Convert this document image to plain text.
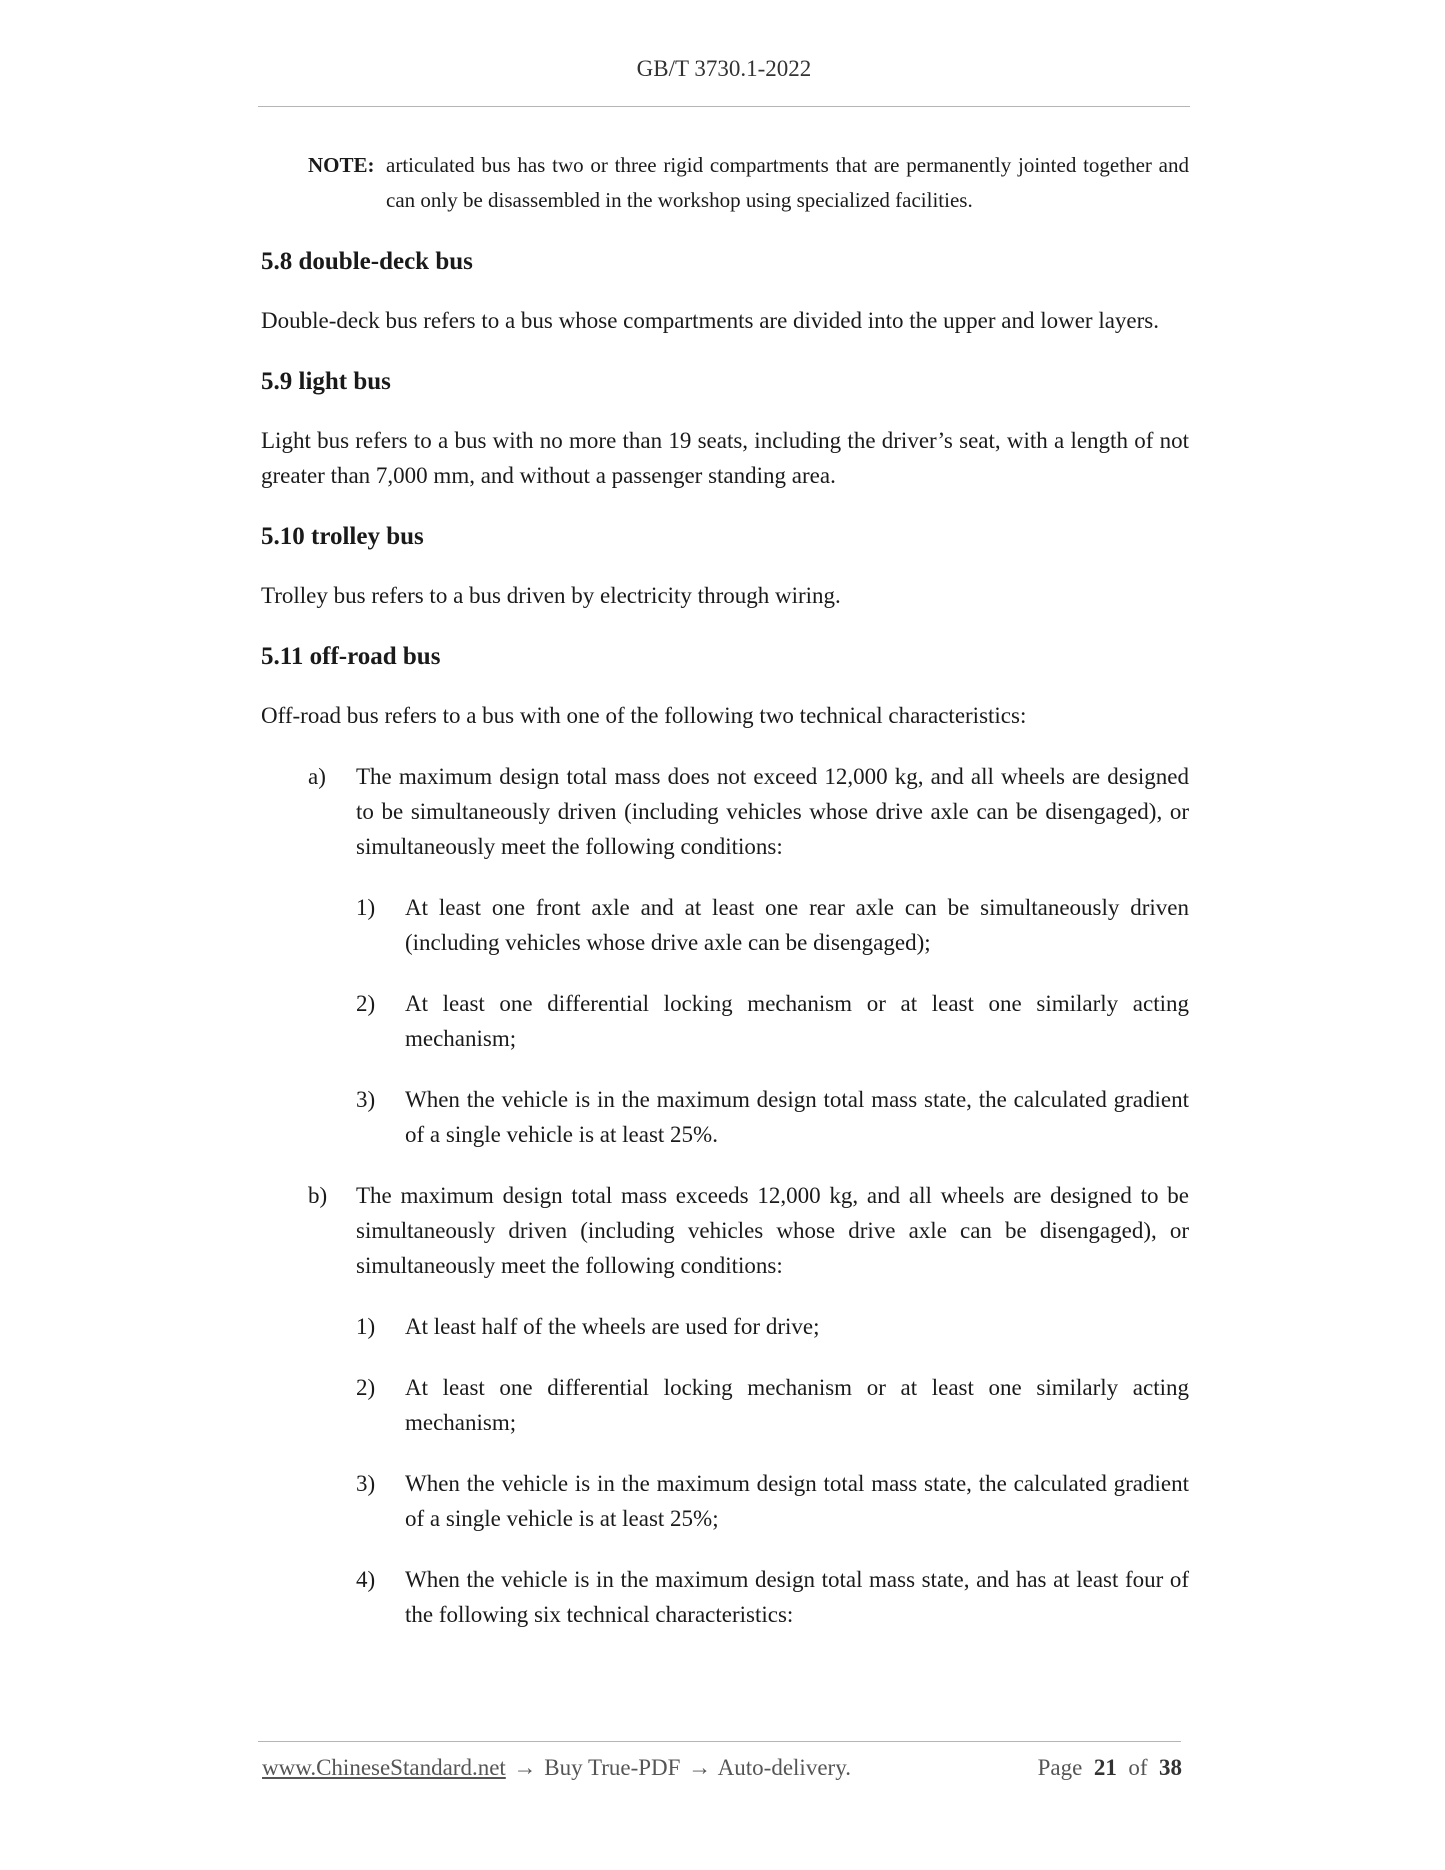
GB/T 3730.1-2022
NOTE: articulated bus has two or three rigid compartments that are permanently jointed together and can only be disassembled in the workshop using specialized facilities.
5.8 double-deck bus

Double-deck bus refers to a bus whose compartments are divided into the upper and lower layers.

5.9 light bus

Light bus refers to a bus with no more than 19 seats, including the driver’s seat, with a length of not greater than 7,000 mm, and without a passenger standing area.

5.10 trolley bus

Trolley bus refers to a bus driven by electricity through wiring.

5.11 off-road bus

Off-road bus refers to a bus with one of the following two technical characteristics:

a)	The maximum design total mass does not exceed 12,000 kg, and all wheels are designed to be simultaneously driven (including vehicles whose drive axle can be disengaged), or simultaneously meet the following conditions:
1)	At least one front axle and at least one rear axle can be simultaneously driven (including vehicles whose drive axle can be disengaged);
2)	At least one differential locking mechanism or at least one similarly acting mechanism;
3)	When the vehicle is in the maximum design total mass state, the calculated gradient of a single vehicle is at least 25%.
b)	The maximum design total mass exceeds 12,000 kg, and all wheels are designed to be simultaneously driven (including vehicles whose drive axle can be disengaged), or simultaneously meet the following conditions:
1)	At least half of the wheels are used for drive;
2)	At least one differential locking mechanism or at least one similarly acting mechanism;
3)	When the vehicle is in the maximum design total mass state, the calculated gradient of a single vehicle is at least 25%;
4)	When the vehicle is in the maximum design total mass state, and has at least four of the following six technical characteristics:
www.ChineseStandard.net → Buy True-PDF → Auto-delivery.	Page 21 of 38
